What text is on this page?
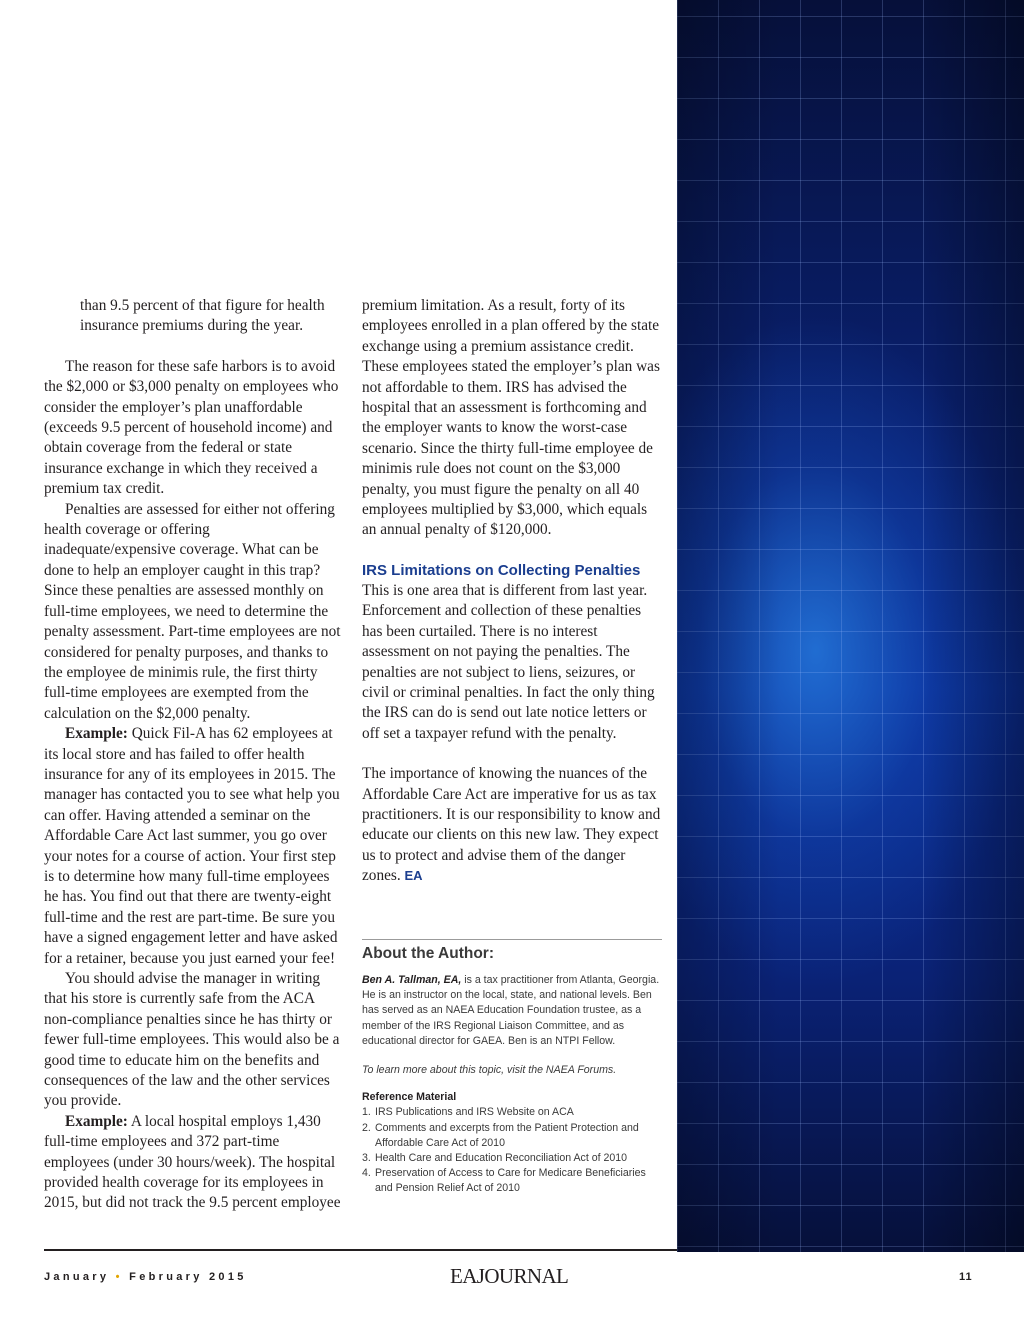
than 9.5 percent of that figure for health insurance premiums during the year.

The reason for these safe harbors is to avoid the $2,000 or $3,000 penalty on employees who consider the employer’s plan unaffordable (exceeds 9.5 percent of household income) and obtain coverage from the federal or state insurance exchange in which they received a premium tax credit.

Penalties are assessed for either not offering health coverage or offering inadequate/expensive coverage. What can be done to help an employer caught in this trap? Since these penalties are assessed monthly on full-time employees, we need to determine the penalty assessment. Part-time employees are not considered for penalty purposes, and thanks to the employee de minimis rule, the first thirty full-time employees are exempted from the calculation on the $2,000 penalty.

Example: Quick Fil-A has 62 employees at its local store and has failed to offer health insurance for any of its employees in 2015. The manager has contacted you to see what help you can offer. Having attended a seminar on the Affordable Care Act last summer, you go over your notes for a course of action. Your first step is to determine how many full-time employees he has. You find out that there are twenty-eight full-time and the rest are part-time. Be sure you have a signed engagement letter and have asked for a retainer, because you just earned your fee!

You should advise the manager in writing that his store is currently safe from the ACA non-compliance penalties since he has thirty or fewer full-time employees. This would also be a good time to educate him on the benefits and consequences of the law and the other services you provide.

Example: A local hospital employs 1,430 full-time employees and 372 part-time employees (under 30 hours/week). The hospital provided health coverage for its employees in 2015, but did not track the 9.5 percent employee

premium limitation. As a result, forty of its employees enrolled in a plan offered by the state exchange using a premium assistance credit. These employees stated the employer’s plan was not affordable to them. IRS has advised the hospital that an assessment is forthcoming and the employer wants to know the worst-case scenario. Since the thirty full-time employee de minimis rule does not count on the $3,000 penalty, you must figure the penalty on all 40 employees multiplied by $3,000, which equals an annual penalty of $120,000.

IRS Limitations on Collecting Penalties

This is one area that is different from last year. Enforcement and collection of these penalties has been curtailed. There is no interest assessment on not paying the penalties. The penalties are not subject to liens, seizures, or civil or criminal penalties. In fact the only thing the IRS can do is send out late notice letters or off set a taxpayer refund with the penalty.

The importance of knowing the nuances of the Affordable Care Act are imperative for us as tax practitioners. It is our responsibility to know and educate our clients on this new law. They expect us to protect and advise them of the danger zones. EA

About the Author:

Ben A. Tallman, EA, is a tax practitioner from Atlanta, Georgia. He is an instructor on the local, state, and national levels. Ben has served as an NAEA Education Foundation trustee, as a member of the IRS Regional Liaison Committee, and as educational director for GAEA. Ben is an NTPI Fellow.

To learn more about this topic, visit the NAEA Forums.

Reference Material

1. IRS Publications and IRS Website on ACA
2. Comments and excerpts from the Patient Protection and Affordable Care Act of 2010
3. Health Care and Education Reconciliation Act of 2010
4. Preservation of Access to Care for Medicare Beneficiaries and Pension Relief Act of 2010
January • February 2015	EAJOURNAL	11
